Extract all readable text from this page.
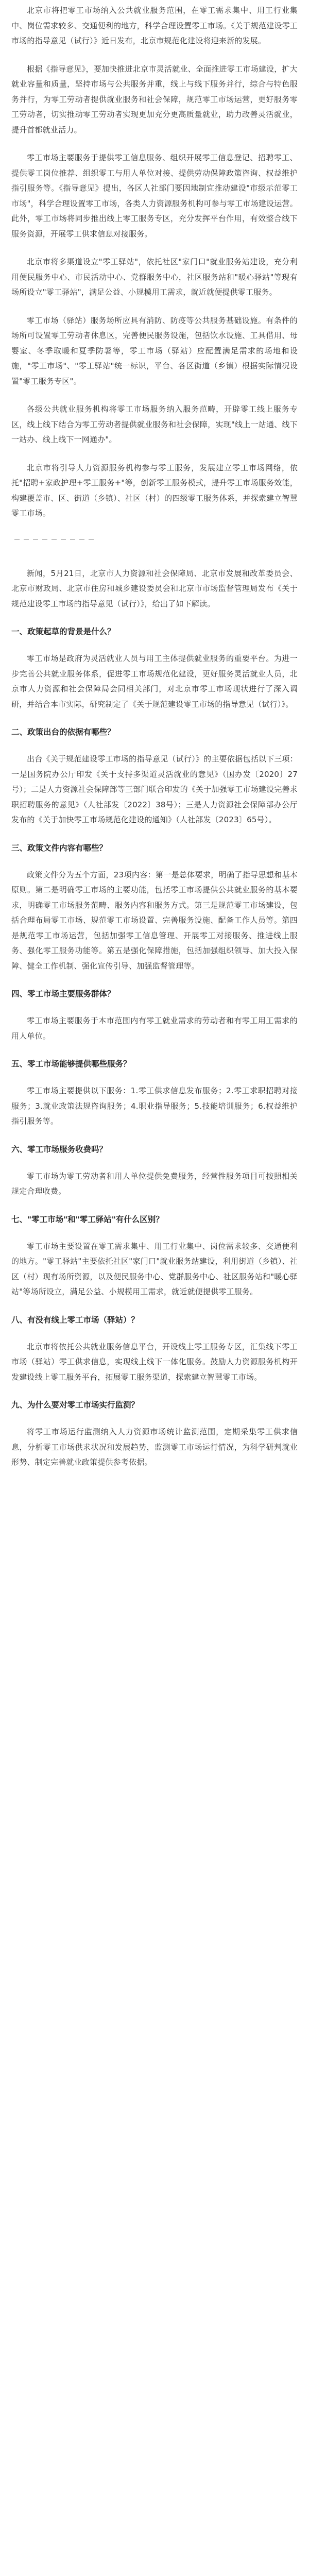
北京市将把零工市场纳入公共就业服务范围，在零工需求集中、用工行业集中、岗位需求较多、交通便利的地方，科学合理设置零工市场。《关于规范建设零工市场的指导意见（试行）》近日发布，北京市规范化建设将迎来新的发展。

根据《指导意见》，要加快推进北京市灵活就业、全面推进零工市场建设，扩大就业容量和质量，坚持市场与公共服务并重，线上与线下服务并行，综合与特色服务并行，为零工劳动者提供就业服务和社会保障，规范零工市场运营，更好服务零工劳动者，切实推动零工劳动者实现更加充分更高质量就业，助力改善灵活就业，提升首都就业活力。

零工市场主要服务于提供零工信息服务、组织开展零工信息登记、招聘零工、提供零工岗位推荐、组织零工与用人单位对接、提供劳动保障政策咨询、权益维护指引服务等。《指导意见》提出，各区人社部门要因地制宜推动建设"市级示范零工市场"，科学合理设置零工市场，各类人力资源服务机构可参与零工市场建设运营。此外，零工市场将同步推出线上零工服务专区，充分发挥平台作用，有效整合线下服务资源，开展零工供求信息对接服务。

北京市将多渠道设立"零工驿站"，依托社区"家门口"就业服务站建设，充分利用便民服务中心、市民活动中心、党群服务中心，社区服务站和"暖心驿站"等现有场所设立"零工驿站"，满足公益、小规模用工需求，就近就便提供零工服务。

零工市场（驿站）服务场所应具有消防、防疫等公共服务基础设施。有条件的场所可设置零工劳动者休息区，完善便民服务设施，包括饮水设施、工具借用、母婴室、冬季取暖和夏季防暑等，零工市场（驿站）应配置满足需求的场地和设施，"零工市场"、"零工驿站"统一标识，平台、各区街道（乡镇）根据实际情况设置"零工服务专区"。

各级公共就业服务机构将零工市场服务纳入服务范畴，开辟零工线上服务专区，线上线下结合为零工劳动者提供就业服务和社会保障，实现"线上一站通、线下一站办、线上线下一网通办"。

北京市将引导人力资源服务机构参与零工服务，发展建立零工市场网络，依托"招聘+家政护理+零工服务+"等，创新零工服务模式，提升零工市场服务效能，构建覆盖市、区、街道（乡镇）、社区（村）的四级零工服务体系，并探索建立智慧零工市场。

新闻，5月21日，北京市人力资源和社会保障局、北京市发展和改革委员会、北京市财政局、北京市住房和城乡建设委员会和北京市市场监督管理局发布《关于规范建设零工市场的指导意见（试行）》，给出了如下解读。

一、政策起草的背景是什么？

零工市场是政府为灵活就业人员与用工主体提供就业服务的重要平台。为进一步完善公共就业服务体系，促进零工市场规范化建设，更好服务灵活就业人员，北京市人力资源和社会保障局会同相关部门，对北京市零工市场现状进行了深入调研，并结合本市实际，研究制定了《关于规范建设零工市场的指导意见（试行）》。

二、政策出台的依据有哪些？

出台《关于规范建设零工市场的指导意见（试行）》的主要依据包括以下三项：一是国务院办公厅印发《关于支持多渠道灵活就业的意见》（国办发〔2020〕27号）；二是人力资源社会保障部等三部门联合印发的《关于加强零工市场建设完善求职招聘服务的意见》（人社部发〔2022〕38号）；三是人力资源社会保障部办公厅发布的《关于加快零工市场规范化建设的通知》（人社部发〔2023〕65号）。

三、政策文件内容有哪些？

政策文件分为五个方面，23项内容：第一是总体要求，明确了指导思想和基本原则。第二是明确零工市场的主要功能，包括零工市场提供公共就业服务的基本要求，明确零工市场服务范畴、服务内容和服务方式。第三是规范零工市场建设，包括合理布局零工市场、规范零工市场设置、完善服务设施、配备工作人员等。第四是规范零工市场运营，包括加强零工信息管理、开展零工对接服务、推进线上服务、强化零工服务功能等。第五是强化保障措施，包括加强组织领导、加大投入保障、健全工作机制、强化宣传引导、加强监督管理等。

四、零工市场主要服务群体？

零工市场主要服务于本市范围内有零工就业需求的劳动者和有零工用工需求的用人单位。

五、零工市场能够提供哪些服务？

零工市场主要提供以下服务：1.零工供求信息发布服务；2.零工求职招聘对接服务；3.就业政策法规咨询服务；4.职业指导服务；5.技能培训服务；6.权益维护指引服务等。

六、零工市场服务收费吗？

零工市场为零工劳动者和用人单位提供免费服务，经营性服务项目可按照相关规定合理收费。

七、"零工市场"和"零工驿站"有什么区别？

零工市场主要设置在零工需求集中、用工行业集中、岗位需求较多、交通便利的地方。"零工驿站"主要依托社区"家门口"就业服务站建设，利用街道（乡镇）、社区（村）现有场所资源，以及便民服务中心、党群服务中心、社区服务站和"暖心驿站"等场所设立，满足公益、小规模用工需求，就近就便提供零工服务。

八、有没有线上零工市场（驿站）？

北京市将依托公共就业服务信息平台，开设线上零工服务专区，汇集线下零工市场（驿站）零工供求信息，实现线上线下一体化服务。鼓励人力资源服务机构开发建设线上零工服务平台，拓展零工服务渠道，探索建立智慧零工市场。

九、为什么要对零工市场实行监测？

将零工市场运行监测纳入人力资源市场统计监测范围，定期采集零工供求信息，分析零工市场供求状况和发展趋势，监测零工市场运行情况，为科学研判就业形势、制定完善就业政策提供参考依据。
